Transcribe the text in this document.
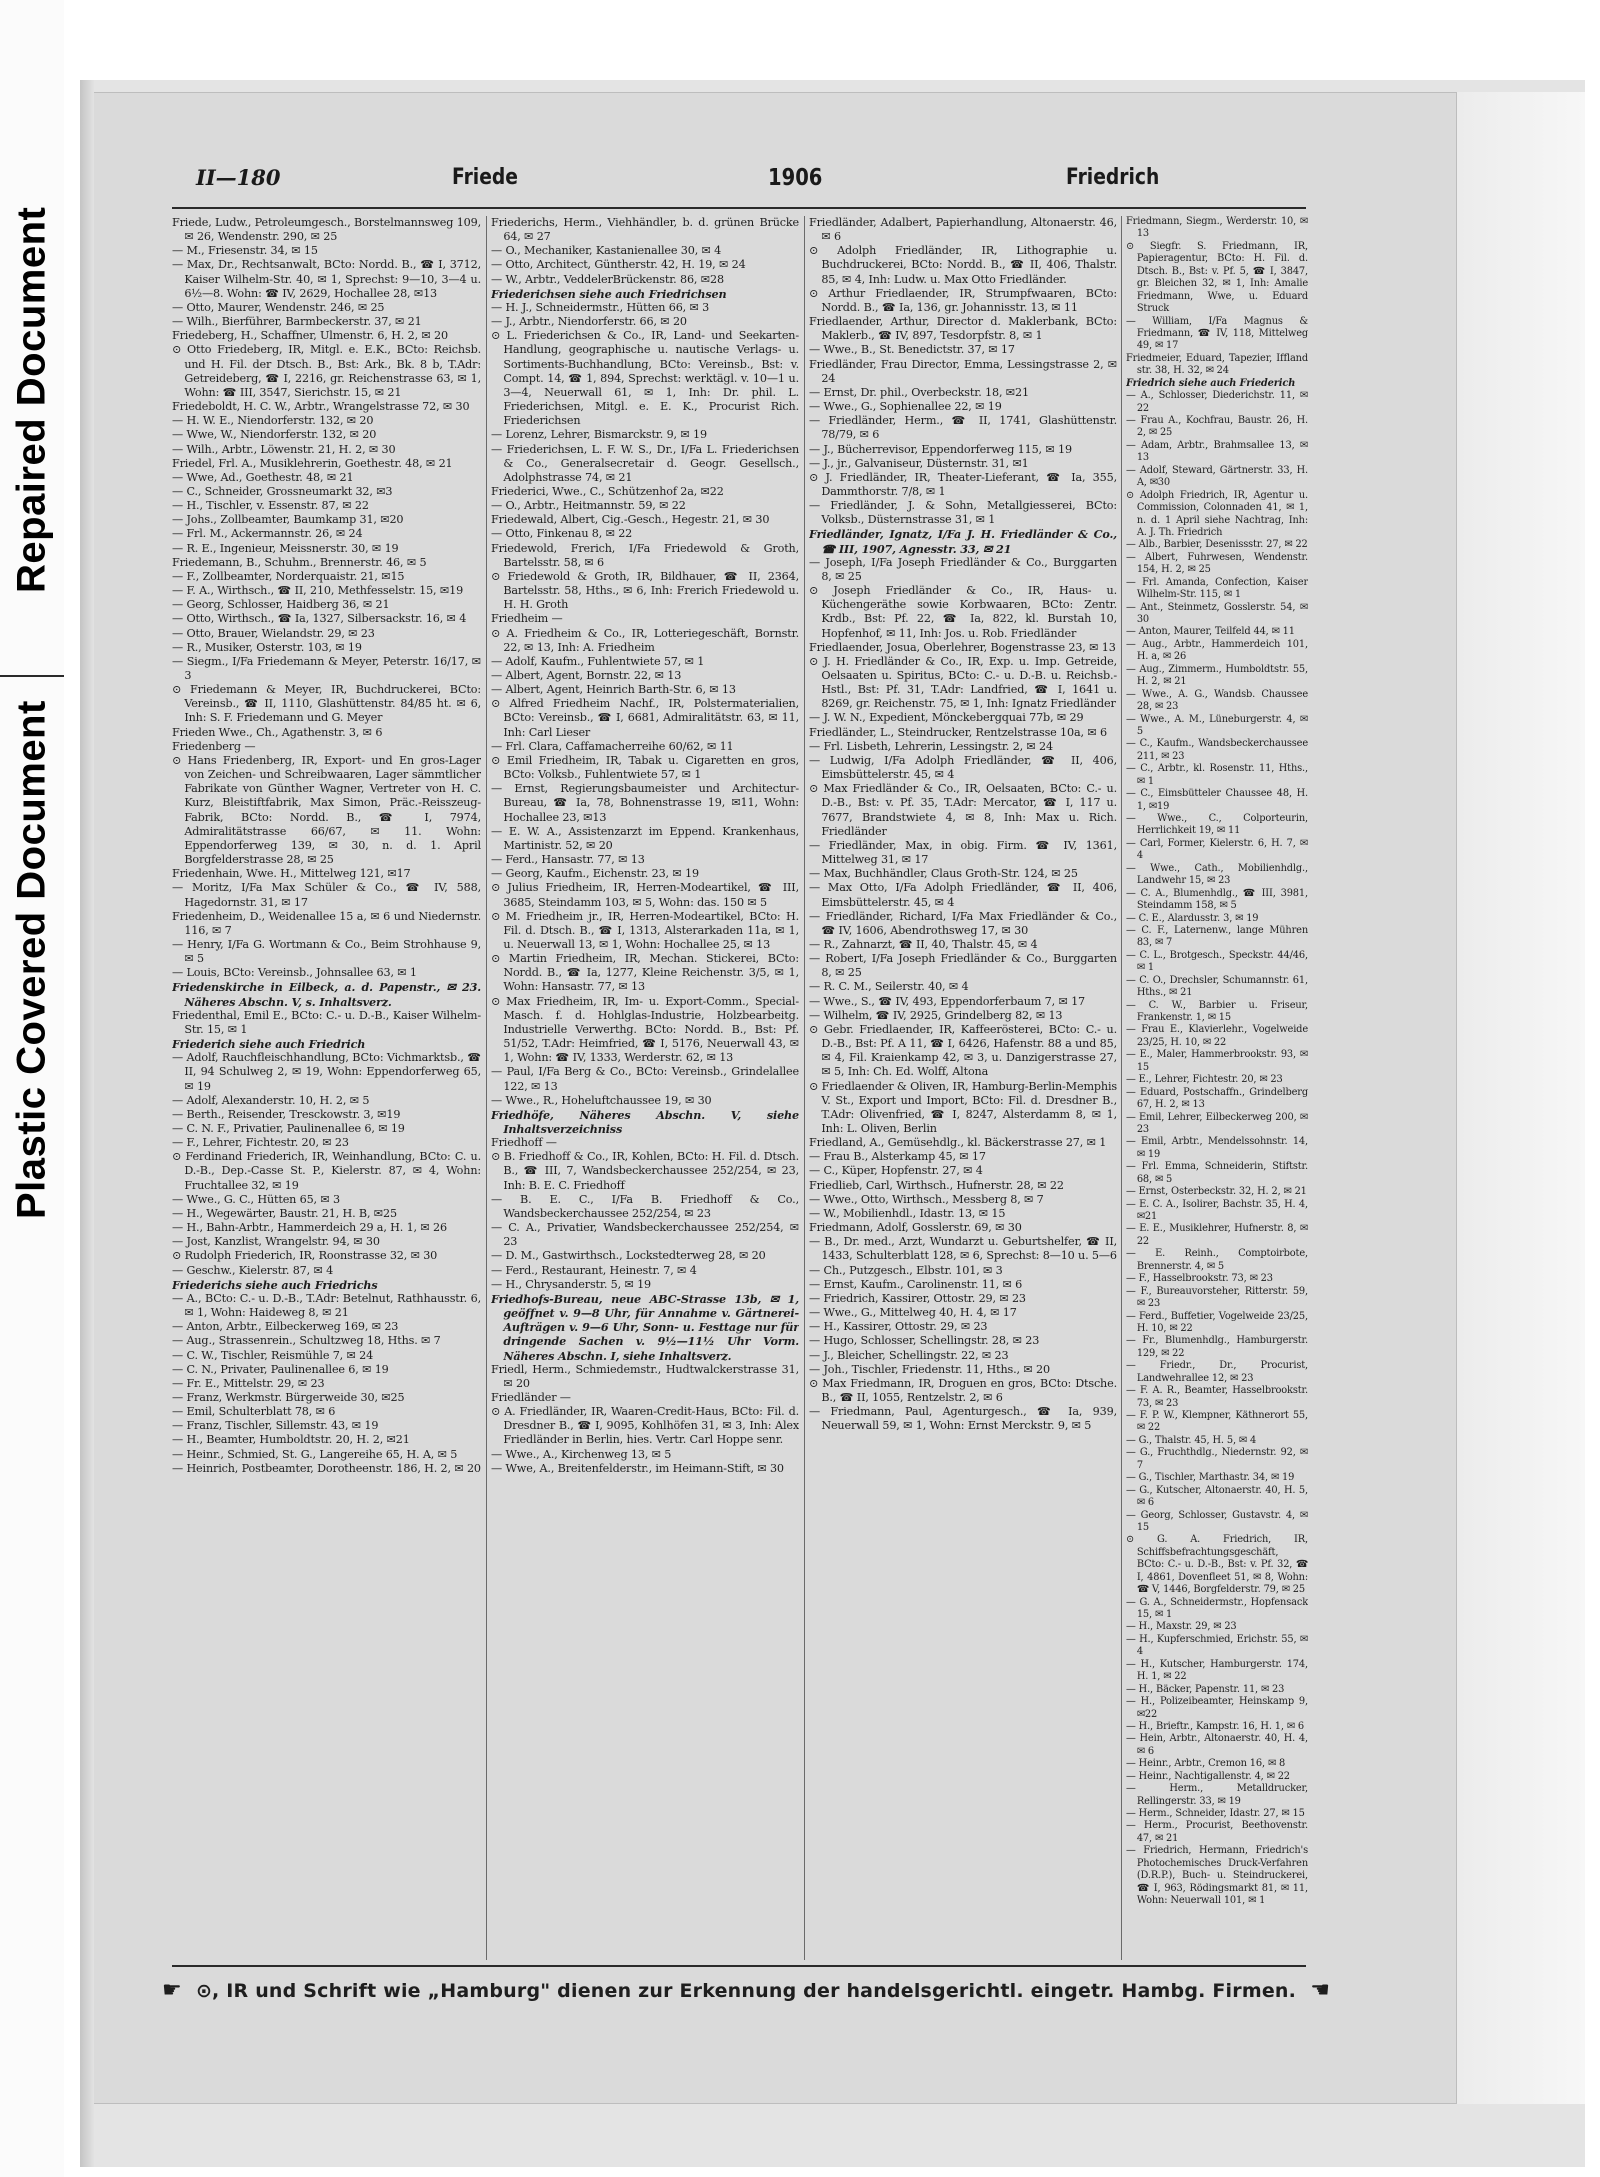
Repaired Document
Plastic Covered Document
II—180	Friede	1906	Friedrich
Friede, Ludw., Petroleumgesch., Borstelmannsweg 109, ✉ 26, Wendenstr. 290, ✉ 25
— M., Friesenstr. 34, ✉ 15
— Max, Dr., Rechtsanwalt, BCto: Nordd. B., ☎ I, 3712, Kaiser Wilhelm-Str. 40, ✉ 1, Sprechst: 9—10, 3—4 u. 6½—8. Wohn: ☎ IV, 2629, Hochallee 28, ✉13
— Otto, Maurer, Wendenstr. 246, ✉ 25
— Wilh., Bierführer, Barmbeckerstr. 37, ✉ 21
Friedeberg, H., Schaffner, Ulmenstr. 6, H. 2, ✉ 20
⊙ Otto Friedeberg, IR, Mitgl. e. E.K., BCto: Reichsb. und H. Fil. der Dtsch. B., Bst: Ark., Bk. 8 b, T.Adr: Getreideberg, ☎ I, 2216, gr. Reichenstrasse 63, ✉ 1, Wohn: ☎ III, 3547, Sierichstr. 15, ✉ 21
Friedeboldt, H. C. W., Arbtr., Wrangelstrasse 72, ✉ 30
— H. W. E., Niendorferstr. 132, ✉ 20
— Wwe, W., Niendorferstr. 132, ✉ 20
— Wilh., Arbtr., Löwenstr. 21, H. 2, ✉ 30
Friedel, Frl. A., Musiklehrerin, Goethestr. 48, ✉ 21
— Wwe, Ad., Goethestr. 48, ✉ 21
— C., Schneider, Grossneumarkt 32, ✉3
— H., Tischler, v. Essenstr. 87, ✉ 22
— Johs., Zollbeamter, Baumkamp 31, ✉20
— Frl. M., Ackermannstr. 26, ✉ 24
— R. E., Ingenieur, Meissnerstr. 30, ✉ 19
Friedemann, B., Schuhm., Brennerstr. 46, ✉ 5
— F., Zollbeamter, Norderquaistr. 21, ✉15
— F. A., Wirthsch., ☎ II, 210, Methfesselstr. 15, ✉19
— Georg, Schlosser, Haidberg 36, ✉ 21
— Otto, Wirthsch., ☎ Ia, 1327, Silbersackstr. 16, ✉ 4
— Otto, Brauer, Wielandstr. 29, ✉ 23
— R., Musiker, Osterstr. 103, ✉ 19
— Siegm., I/Fa Friedemann & Meyer, Peterstr. 16/17, ✉ 3
⊙ Friedemann & Meyer, IR, Buchdruckerei, BCto: Vereinsb., ☎ II, 1110, Glashüttenstr. 84/85 ht. ✉ 6, Inh: S. F. Friedemann und G. Meyer
Frieden Wwe., Ch., Agathenstr. 3, ✉ 6
Friedenberg —
⊙ Hans Friedenberg, IR, Export- und En gros-Lager von Zeichen- und Schreibwaaren, Lager sämmtlicher Fabrikate von Günther Wagner, Vertreter von H. C. Kurz, Bleistiftfabrik, Max Simon, Präc.-Reisszeug-Fabrik, BCto: Nordd. B., ☎ I, 7974, Admiralitätstrasse 66/67, ✉ 11. Wohn: Eppendorferweg 139, ✉ 30, n. d. 1. April Borgfelderstrasse 28, ✉ 25
Friedenhain, Wwe. H., Mittelweg 121, ✉17
— Moritz, I/Fa Max Schüler & Co., ☎ IV, 588, Hagedornstr. 31, ✉ 17
Friedenheim, D., Weidenallee 15 a, ✉ 6 und Niedernstr. 116, ✉ 7
— Henry, I/Fa G. Wortmann & Co., Beim Strohhause 9, ✉ 5
— Louis, BCto: Vereinsb., Johnsallee 63, ✉ 1
Friedenskirche in Eilbeck, a. d. Papenstr., ✉ 23. Näheres Abschn. V, s. Inhaltsverz.
Friedenthal, Emil E., BCto: C.- u. D.-B., Kaiser Wilhelm-Str. 15, ✉ 1
Friederich siehe auch Friedrich
— Adolf, Rauchfleischhandlung, BCto: Vichmarktsb., ☎ II, 94 Schulweg 2, ✉ 19, Wohn: Eppendorferweg 65, ✉ 19
— Adolf, Alexanderstr. 10, H. 2, ✉ 5
— Berth., Reisender, Tresckowstr. 3, ✉19
— C. N. F., Privatier, Paulinenallee 6, ✉ 19
— F., Lehrer, Fichtestr. 20, ✉ 23
⊙ Ferdinand Friederich, IR, Weinhandlung, BCto: C. u. D.-B., Dep.-Casse St. P., Kielerstr. 87, ✉ 4, Wohn: Fruchtallee 32, ✉ 19
— Wwe., G. C., Hütten 65, ✉ 3
— H., Wegewärter, Baustr. 21, H. B, ✉25
— H., Bahn-Arbtr., Hammerdeich 29 a, H. 1, ✉ 26
— Jost, Kanzlist, Wrangelstr. 94, ✉ 30
⊙ Rudolph Friederich, IR, Roonstrasse 32, ✉ 30
— Geschw., Kielerstr. 87, ✉ 4
Friederichs siehe auch Friedrichs
— A., BCto: C.- u. D.-B., T.Adr: Betelnut, Rathhausstr. 6, ✉ 1, Wohn: Haideweg 8, ✉ 21
— Anton, Arbtr., Eilbeckerweg 169, ✉ 23
— Aug., Strassenrein., Schultzweg 18, Hths. ✉ 7
— C. W., Tischler, Reismühle 7, ✉ 24
— C. N., Privater, Paulinenallee 6, ✉ 19
— Fr. E., Mittelstr. 29, ✉ 23
— Franz, Werkmstr. Bürgerweide 30, ✉25
— Emil, Schulterblatt 78, ✉ 6
— Franz, Tischler, Sillemstr. 43, ✉ 19
— H., Beamter, Humboldtstr. 20, H. 2, ✉21
— Heinr., Schmied, St. G., Langereihe 65, H. A, ✉ 5
— Heinrich, Postbeamter, Dorotheenstr. 186, H. 2, ✉ 20
Friederichs, Herm., Viehhändler, b. d. grünen Brücke 64, ✉ 27
— O., Mechaniker, Kastanienallee 30, ✉ 4
— Otto, Architect, Güntherstr. 42, H. 19, ✉ 24
— W., Arbtr., VeddelerBrückenstr. 86, ✉28
Friederichsen siehe auch Friedrichsen
— H. J., Schneidermstr., Hütten 66, ✉ 3
— J., Arbtr., Niendorferstr. 66, ✉ 20
⊙ L. Friederichsen & Co., IR, Land- und Seekarten-Handlung, geographische u. nautische Verlags- u. Sortiments-Buchhandlung, BCto: Vereinsb., Bst: v. Compt. 14, ☎ 1, 894, Sprechst: werktägl. v. 10—1 u. 3—4, Neuerwall 61, ✉ 1, Inh: Dr. phil. L. Friederichsen, Mitgl. e. E. K., Procurist Rich. Friederichsen
— Lorenz, Lehrer, Bismarckstr. 9, ✉ 19
— Friederichsen, L. F. W. S., Dr., I/Fa L. Friederichsen & Co., Generalsecretair d. Geogr. Gesellsch., Adolphstrasse 74, ✉ 21
Friederici, Wwe., C., Schützenhof 2a, ✉22
— O., Arbtr., Heitmannstr. 59, ✉ 22
Friedewald, Albert, Cig.-Gesch., Hegestr. 21, ✉ 30
— Otto, Finkenau 8, ✉ 22
Friedewold, Frerich, I/Fa Friedewold & Groth, Bartelsstr. 58, ✉ 6
⊙ Friedewold & Groth, IR, Bildhauer, ☎ II, 2364, Bartelsstr. 58, Hths., ✉ 6, Inh: Frerich Friedewold u. H. H. Groth
Friedheim —
⊙ A. Friedheim & Co., IR, Lotteriegeschäft, Bornstr. 22, ✉ 13, Inh: A. Friedheim
— Adolf, Kaufm., Fuhlentwiete 57, ✉ 1
— Albert, Agent, Bornstr. 22, ✉ 13
— Albert, Agent, Heinrich Barth-Str. 6, ✉ 13
⊙ Alfred Friedheim Nachf., IR, Polstermaterialien, BCto: Vereinsb., ☎ I, 6681, Admiralitätstr. 63, ✉ 11, Inh: Carl Lieser
— Frl. Clara, Caffamacherreihe 60/62, ✉ 11
⊙ Emil Friedheim, IR, Tabak u. Cigaretten en gros, BCto: Volksb., Fuhlentwiete 57, ✉ 1
— Ernst, Regierungsbaumeister und Architectur-Bureau, ☎ Ia, 78, Bohnenstrasse 19, ✉11, Wohn: Hochallee 23, ✉13
— E. W. A., Assistenzarzt im Eppend. Krankenhaus, Martinistr. 52, ✉ 20
— Ferd., Hansastr. 77, ✉ 13
— Georg, Kaufm., Eichenstr. 23, ✉ 19
⊙ Julius Friedheim, IR, Herren-Modeartikel, ☎ III, 3685, Steindamm 103, ✉ 5, Wohn: das. 150 ✉ 5
⊙ M. Friedheim jr., IR, Herren-Modeartikel, BCto: H. Fil. d. Dtsch. B., ☎ I, 1313, Alsterarkaden 11a, ✉ 1, u. Neuerwall 13, ✉ 1, Wohn: Hochallee 25, ✉ 13
⊙ Martin Friedheim, IR, Mechan. Stickerei, BCto: Nordd. B., ☎ Ia, 1277, Kleine Reichenstr. 3/5, ✉ 1, Wohn: Hansastr. 77, ✉ 13
⊙ Max Friedheim, IR, Im- u. Export-Comm., Special-Masch. f. d. Hohlglas-Industrie, Holzbearbeitg. Industrielle Verwerthg. BCto: Nordd. B., Bst: Pf. 51/52, T.Adr: Heimfried, ☎ I, 5176, Neuerwall 43, ✉ 1, Wohn: ☎ IV, 1333, Werderstr. 62, ✉ 13
— Paul, I/Fa Berg & Co., BCto: Vereinsb., Grindelallee 122, ✉ 13
— Wwe., R., Hoheluftchaussee 19, ✉ 30
Friedhöfe, Näheres Abschn. V, siehe Inhaltsverzeichniss
Friedhoff —
⊙ B. Friedhoff & Co., IR, Kohlen, BCto: H. Fil. d. Dtsch. B., ☎ III, 7, Wandsbeckerchaussee 252/254, ✉ 23, Inh: B. E. C. Friedhoff
— B. E. C., I/Fa B. Friedhoff & Co., Wandsbeckerchaussee 252/254, ✉ 23
— C. A., Privatier, Wandsbeckerchaussee 252/254, ✉ 23
— D. M., Gastwirthsch., Lockstedterweg 28, ✉ 20
— Ferd., Restaurant, Heinestr. 7, ✉ 4
— H., Chrysanderstr. 5, ✉ 19
Friedhofs-Bureau, neue ABC-Strasse 13b, ✉ 1, geöffnet v. 9—8 Uhr, für Annahme v. Gärtnerei-Aufträgen v. 9—6 Uhr, Sonn- u. Festtage nur für dringende Sachen v. 9½—11½ Uhr Vorm. Näheres Abschn. I, siehe Inhaltsverz.
Friedl, Herm., Schmiedemstr., Hudtwalckerstrasse 31, ✉ 20
Friedländer —
⊙ A. Friedländer, IR, Waaren-Credit-Haus, BCto: Fil. d. Dresdner B., ☎ I, 9095, Kohlhöfen 31, ✉ 3, Inh: Alex Friedländer in Berlin, hies. Vertr. Carl Hoppe senr.
— Wwe., A., Kirchenweg 13, ✉ 5
— Wwe, A., Breitenfelderstr., im Heimann-Stift, ✉ 30
Friedländer, Adalbert, Papierhandlung, Altonaerstr. 46, ✉ 6
⊙ Adolph Friedländer, IR, Lithographie u. Buchdruckerei, BCto: Nordd. B., ☎ II, 406, Thalstr. 85, ✉ 4, Inh: Ludw. u. Max Otto Friedländer.
⊙ Arthur Friedlaender, IR, Strumpfwaaren, BCto: Nordd. B., ☎ Ia, 136, gr. Johannisstr. 13, ✉ 11
Friedlaender, Arthur, Director d. Maklerbank, BCto: Maklerb., ☎ IV, 897, Tesdorpfstr. 8, ✉ 1
— Wwe., B., St. Benedictstr. 37, ✉ 17
Friedländer, Frau Director, Emma, Lessingstrasse 2, ✉ 24
— Ernst, Dr. phil., Overbeckstr. 18, ✉21
— Wwe., G., Sophienallee 22, ✉ 19
— Friedländer, Herm., ☎ II, 1741, Glashüttenstr. 78/79, ✉ 6
— J., Bücherrevisor, Eppendorferweg 115, ✉ 19
— J., jr., Galvaniseur, Düsternstr. 31, ✉1
⊙ J. Friedländer, IR, Theater-Lieferant, ☎ Ia, 355, Dammthorstr. 7/8, ✉ 1
— Friedländer, J. & Sohn, Metallgiesserei, BCto: Volksb., Düsternstrasse 31, ✉ 1
Friedländer, Ignatz, I/Fa J. H. Friedländer & Co., ☎ III, 1907, Agnesstr. 33, ✉ 21
— Joseph, I/Fa Joseph Friedländer & Co., Burggarten 8, ✉ 25
⊙ Joseph Friedländer & Co., IR, Haus- u. Küchengeräthe sowie Korbwaaren, BCto: Zentr. Krdb., Bst: Pf. 22, ☎ Ia, 822, kl. Burstah 10, Hopfenhof, ✉ 11, Inh: Jos. u. Rob. Friedländer
Friedlaender, Josua, Oberlehrer, Bogenstrasse 23, ✉ 13
⊙ J. H. Friedländer & Co., IR, Exp. u. Imp. Getreide, Oelsaaten u. Spiritus, BCto: C.- u. D.-B. u. Reichsb.-Hstl., Bst: Pf. 31, T.Adr: Landfried, ☎ I, 1641 u. 8269, gr. Reichenstr. 75, ✉ 1, Inh: Ignatz Friedländer
— J. W. N., Expedient, Mönckebergquai 77b, ✉ 29
Friedländer, L., Steindrucker, Rentzelstrasse 10a, ✉ 6
— Frl. Lisbeth, Lehrerin, Lessingstr. 2, ✉ 24
— Ludwig, I/Fa Adolph Friedländer, ☎ II, 406, Eimsbüttelerstr. 45, ✉ 4
⊙ Max Friedländer & Co., IR, Oelsaaten, BCto: C.- u. D.-B., Bst: v. Pf. 35, T.Adr: Mercator, ☎ I, 117 u. 7677, Brandstwiete 4, ✉ 8, Inh: Max u. Rich. Friedländer
— Friedländer, Max, in obig. Firm. ☎ IV, 1361, Mittelweg 31, ✉ 17
— Max, Buchhändler, Claus Groth-Str. 124, ✉ 25
— Max Otto, I/Fa Adolph Friedländer, ☎ II, 406, Eimsbüttelerstr. 45, ✉ 4
— Friedländer, Richard, I/Fa Max Friedländer & Co., ☎ IV, 1606, Abendrothsweg 17, ✉ 30
— R., Zahnarzt, ☎ II, 40, Thalstr. 45, ✉ 4
— Robert, I/Fa Joseph Friedländer & Co., Burggarten 8, ✉ 25
— R. C. M., Seilerstr. 40, ✉ 4
— Wwe., S., ☎ IV, 493, Eppendorferbaum 7, ✉ 17
— Wilhelm, ☎ IV, 2925, Grindelberg 82, ✉ 13
⊙ Gebr. Friedlaender, IR, Kaffeerösterei, BCto: C.- u. D.-B., Bst: Pf. A 11, ☎ I, 6426, Hafenstr. 88 a und 85, ✉ 4, Fil. Kraienkamp 42, ✉ 3, u. Danzigerstrasse 27, ✉ 5, Inh: Ch. Ed. Wolff, Altona
⊙ Friedlaender & Oliven, IR, Hamburg-Berlin-Memphis V. St., Export und Import, BCto: Fil. d. Dresdner B., T.Adr: Olivenfried, ☎ I, 8247, Alsterdamm 8, ✉ 1, Inh: L. Oliven, Berlin
Friedland, A., Gemüsehdlg., kl. Bäckerstrasse 27, ✉ 1
— Frau B., Alsterkamp 45, ✉ 17
— C., Küper, Hopfenstr. 27, ✉ 4
Friedlieb, Carl, Wirthsch., Hufnerstr. 28, ✉ 22
— Wwe., Otto, Wirthsch., Messberg 8, ✉ 7
— W., Mobilienhdl., Idastr. 13, ✉ 15
Friedmann, Adolf, Gosslerstr. 69, ✉ 30
— B., Dr. med., Arzt, Wundarzt u. Geburtshelfer, ☎ II, 1433, Schulterblatt 128, ✉ 6, Sprechst: 8—10 u. 5—6
— Ch., Putzgesch., Elbstr. 101, ✉ 3
— Ernst, Kaufm., Carolinenstr. 11, ✉ 6
— Friedrich, Kassirer, Ottostr. 29, ✉ 23
— Wwe., G., Mittelweg 40, H. 4, ✉ 17
— H., Kassirer, Ottostr. 29, ✉ 23
— Hugo, Schlosser, Schellingstr. 28, ✉ 23
— J., Bleicher, Schellingstr. 22, ✉ 23
— Joh., Tischler, Friedenstr. 11, Hths., ✉ 20
⊙ Max Friedmann, IR, Droguen en gros, BCto: Dtsche. B., ☎ II, 1055, Rentzelstr. 2, ✉ 6
— Friedmann, Paul, Agenturgesch., ☎ Ia, 939, Neuerwall 59, ✉ 1, Wohn: Ernst Merckstr. 9, ✉ 5
Friedmann, Siegm., Werderstr. 10, ✉ 13
⊙ Siegfr. S. Friedmann, IR, Papieragentur, BCto: H. Fil. d. Dtsch. B., Bst: v. Pf. 5, ☎ I, 3847, gr. Bleichen 32, ✉ 1, Inh: Amalie Friedmann, Wwe, u. Eduard Struck
— William, I/Fa Magnus & Friedmann, ☎ IV, 118, Mittelweg 49, ✉ 17
Friedmeier, Eduard, Tapezier, Iffland str. 38, H. 32, ✉ 24
Friedrich siehe auch Friederich
— A., Schlosser, Diederichstr. 11, ✉ 22
— Frau A., Kochfrau, Baustr. 26, H. 2, ✉ 25
— Adam, Arbtr., Brahmsallee 13, ✉ 13
— Adolf, Steward, Gärtnerstr. 33, H. A, ✉30
⊙ Adolph Friedrich, IR, Agentur u. Commission, Colonnaden 41, ✉ 1, n. d. 1 April siehe Nachtrag, Inh: A. J. Th. Friedrich
— Alb., Barbier, Desenissstr. 27, ✉ 22
— Albert, Fuhrwesen, Wendenstr. 154, H. 2, ✉ 25
— Frl. Amanda, Confection, Kaiser Wilhelm-Str. 115, ✉ 1
— Ant., Steinmetz, Gosslerstr. 54, ✉ 30
— Anton, Maurer, Teilfeld 44, ✉ 11
— Aug., Arbtr., Hammerdeich 101, H. a, ✉ 26
— Aug., Zimmerm., Humboldtstr. 55, H. 2, ✉ 21
— Wwe., A. G., Wandsb. Chaussee 28, ✉ 23
— Wwe., A. M., Lüneburgerstr. 4, ✉ 5
— C., Kaufm., Wandsbeckerchaussee 211, ✉ 23
— C., Arbtr., kl. Rosenstr. 11, Hths., ✉ 1
— C., Eimsbütteler Chaussee 48, H. 1, ✉19
— Wwe., C., Colporteurin, Herrlichkeit 19, ✉ 11
— Carl, Former, Kielerstr. 6, H. 7, ✉ 4
— Wwe., Cath., Mobilienhdlg., Landwehr 15, ✉ 23
— C. A., Blumenhdlg., ☎ III, 3981, Steindamm 158, ✉ 5
— C. E., Alardusstr. 3, ✉ 19
— C. F., Laternenw., lange Mühren 83, ✉ 7
— C. L., Brotgesch., Speckstr. 44/46, ✉ 1
— C. O., Drechsler, Schumannstr. 61, Hths., ✉ 21
— C. W., Barbier u. Friseur, Frankenstr. 1, ✉ 15
— Frau E., Klavierlehr., Vogelweide 23/25, H. 10, ✉ 22
— E., Maler, Hammerbrookstr. 93, ✉ 15
— E., Lehrer, Fichtestr. 20, ✉ 23
— Eduard, Postschaffn., Grindelberg 67, H. 2, ✉ 13
— Emil, Lehrer, Eilbeckerweg 200, ✉ 23
— Emil, Arbtr., Mendelssohnstr. 14, ✉ 19
— Frl. Emma, Schneiderin, Stiftstr. 68, ✉ 5
— Ernst, Osterbeckstr. 32, H. 2, ✉ 21
— E. C. A., Isolirer, Bachstr. 35, H. 4, ✉21
— E. E., Musiklehrer, Hufnerstr. 8, ✉ 22
— E. Reinh., Comptoirbote, Brennerstr. 4, ✉ 5
— F., Hasselbrookstr. 73, ✉ 23
— F., Bureauvorsteher, Ritterstr. 59, ✉ 23
— Ferd., Buffetier, Vogelweide 23/25, H. 10, ✉ 22
— Fr., Blumenhdlg., Hamburgerstr. 129, ✉ 22
— Friedr., Dr., Procurist, Landwehrallee 12, ✉ 23
— F. A. R., Beamter, Hasselbrookstr. 73, ✉ 23
— F. P. W., Klempner, Käthnerort 55, ✉ 22
— G., Thalstr. 45, H. 5, ✉ 4
— G., Fruchthdlg., Niedernstr. 92, ✉ 7
— G., Tischler, Marthastr. 34, ✉ 19
— G., Kutscher, Altonaerstr. 40, H. 5, ✉ 6
— Georg, Schlosser, Gustavstr. 4, ✉ 15
⊙ G. A. Friedrich, IR, Schiffsbefrachtungsgeschäft, BCto: C.- u. D.-B., Bst: v. Pf. 32, ☎ I, 4861, Dovenfleet 51, ✉ 8, Wohn: ☎ V, 1446, Borgfelderstr. 79, ✉ 25
— G. A., Schneidermstr., Hopfensack 15, ✉ 1
— H., Maxstr. 29, ✉ 23
— H., Kupferschmied, Erichstr. 55, ✉ 4
— H., Kutscher, Hamburgerstr. 174, H. 1, ✉ 22
— H., Bäcker, Papenstr. 11, ✉ 23
— H., Polizeibeamter, Heinskamp 9, ✉22
— H., Brieftr., Kampstr. 16, H. 1, ✉ 6
— Hein, Arbtr., Altonaerstr. 40, H. 4, ✉ 6
— Heinr., Arbtr., Cremon 16, ✉ 8
— Heinr., Nachtigallenstr. 4, ✉ 22
— Herm., Metalldrucker, Rellingerstr. 33, ✉ 19
— Herm., Schneider, Idastr. 27, ✉ 15
— Herm., Procurist, Beethovenstr. 47, ✉ 21
— Friedrich, Hermann, Friedrich's Photochemisches Druck-Verfahren (D.R.P.), Buch- u. Steindruckerei, ☎ I, 963, Rödingsmarkt 81, ✉ 11, Wohn: Neuerwall 101, ✉ 1
☛ ⊙, IR und Schrift wie „Hamburg" dienen zur Erkennung der handelsgerichtl. eingetr. Hambg. Firmen. ☛
